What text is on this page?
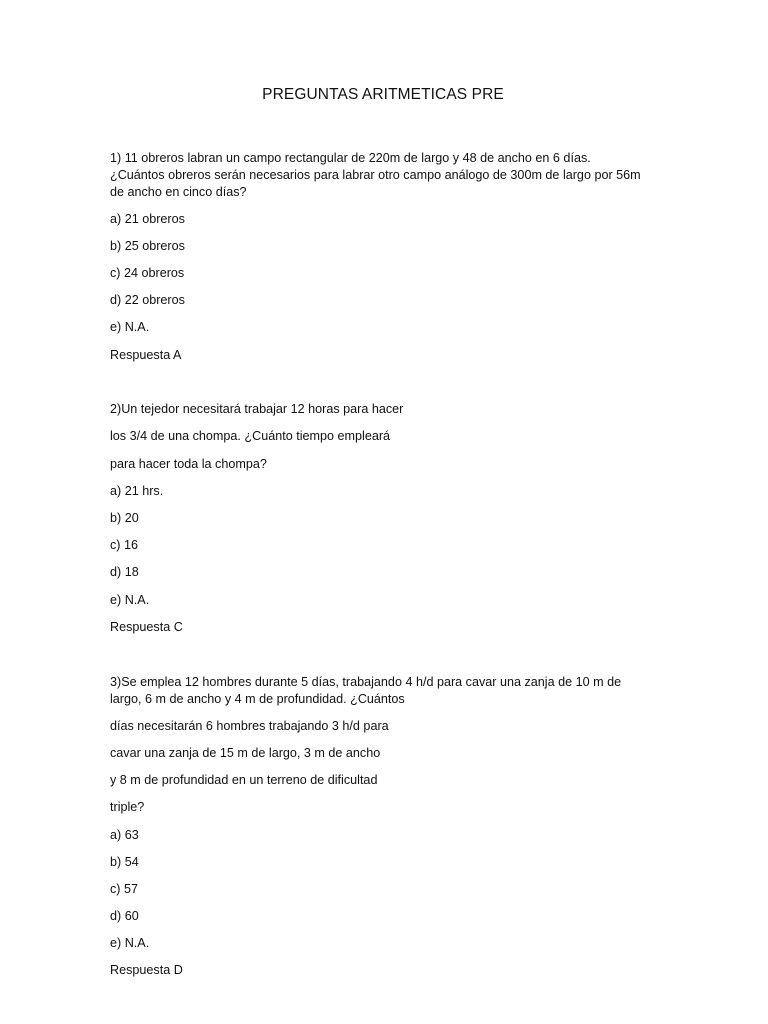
PREGUNTAS ARITMETICAS PRE
1) 11 obreros labran un campo rectangular de 220m de largo y 48 de ancho en 6 días.
¿Cuántos obreros serán necesarios para labrar otro campo análogo de 300m de largo por 56m
de ancho en cinco días?
a) 21 obreros
b) 25 obreros
c) 24 obreros
d) 22 obreros
e) N.A.
Respuesta A
2)Un tejedor necesitará trabajar 12 horas para hacer
los 3/4 de una chompa. ¿Cuánto tiempo empleará
para hacer toda la chompa?
a) 21 hrs.
b) 20
c) 16
d) 18
e) N.A.
Respuesta C
3)Se emplea 12 hombres durante 5 días, trabajando 4 h/d para cavar una zanja de 10 m de
largo, 6 m de ancho y 4 m de profundidad. ¿Cuántos
días necesitarán 6 hombres trabajando 3 h/d para
cavar una zanja de 15 m de largo, 3 m de ancho
y 8 m de profundidad en un terreno de dificultad
triple?
a) 63
b) 54
c) 57
d) 60
e) N.A.
Respuesta D
